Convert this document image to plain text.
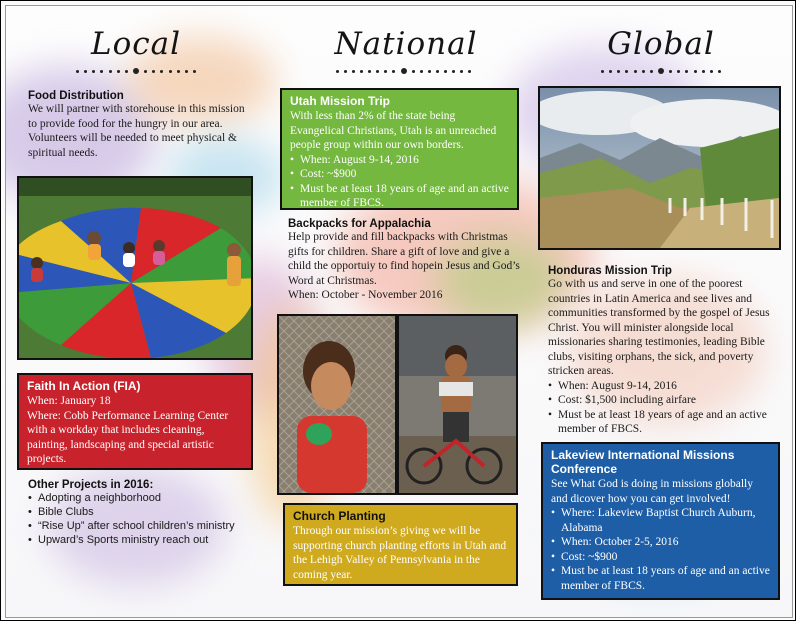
Local	National	Global

Food Distribution

We will partner with storehouse in this mission to provide food for the hungry in our area. Volunteers will be needed to meet physical & spiritual needs.

Faith In Action (FIA)

When: January 18

Where: Cobb Performance Learning Center with a workday that includes cleaning, painting, landscaping and special artistic projects.

Other Projects in 2016:

• Adopting a neighborhood
• Bible Clubs
• “Rise Up” after school children’s ministry
• Upward’s Sports ministry reach out

Utah Mission Trip

With less than 2% of the state being Evangelical Christians, Utah is an unreached people group within our own borders.

• When: August 9-14, 2016
• Cost: ~$900
• Must be at least 18 years of age and an active member of FBCS.

Backpacks for Appalachia

Help provide and fill backpacks with Christmas gifts for children. Share a gift of love and give a child the opportuiy to find hopein Jesus and God’s Word at Christmas.

When: October - November 2016

Church Planting

Through our mission’s giving we will be supporting church planting efforts in Utah and the Lehigh Valley of Pennsylvania in the coming year.

Honduras Mission Trip

Go with us and serve in one of the poorest countries in Latin America and see lives and communities transformed by the gospel of Jesus Christ. You will minister alongside local missionaries sharing testimonies, leading Bible clubs, visiting orphans, the sick, and poverty stricken areas.

• When: August 9-14, 2016
• Cost: $1,500 including airfare
• Must be at least 18 years of age and an active member of FBCS.

Lakeview International Missions Conference

See What God is doing in missions globally and dicover how you can get involved!

• Where: Lakeview Baptist Church Auburn, Alabama
• When: October 2-5, 2016
• Cost: ~$900
• Must be at least 18 years of age and an active member of FBCS.
